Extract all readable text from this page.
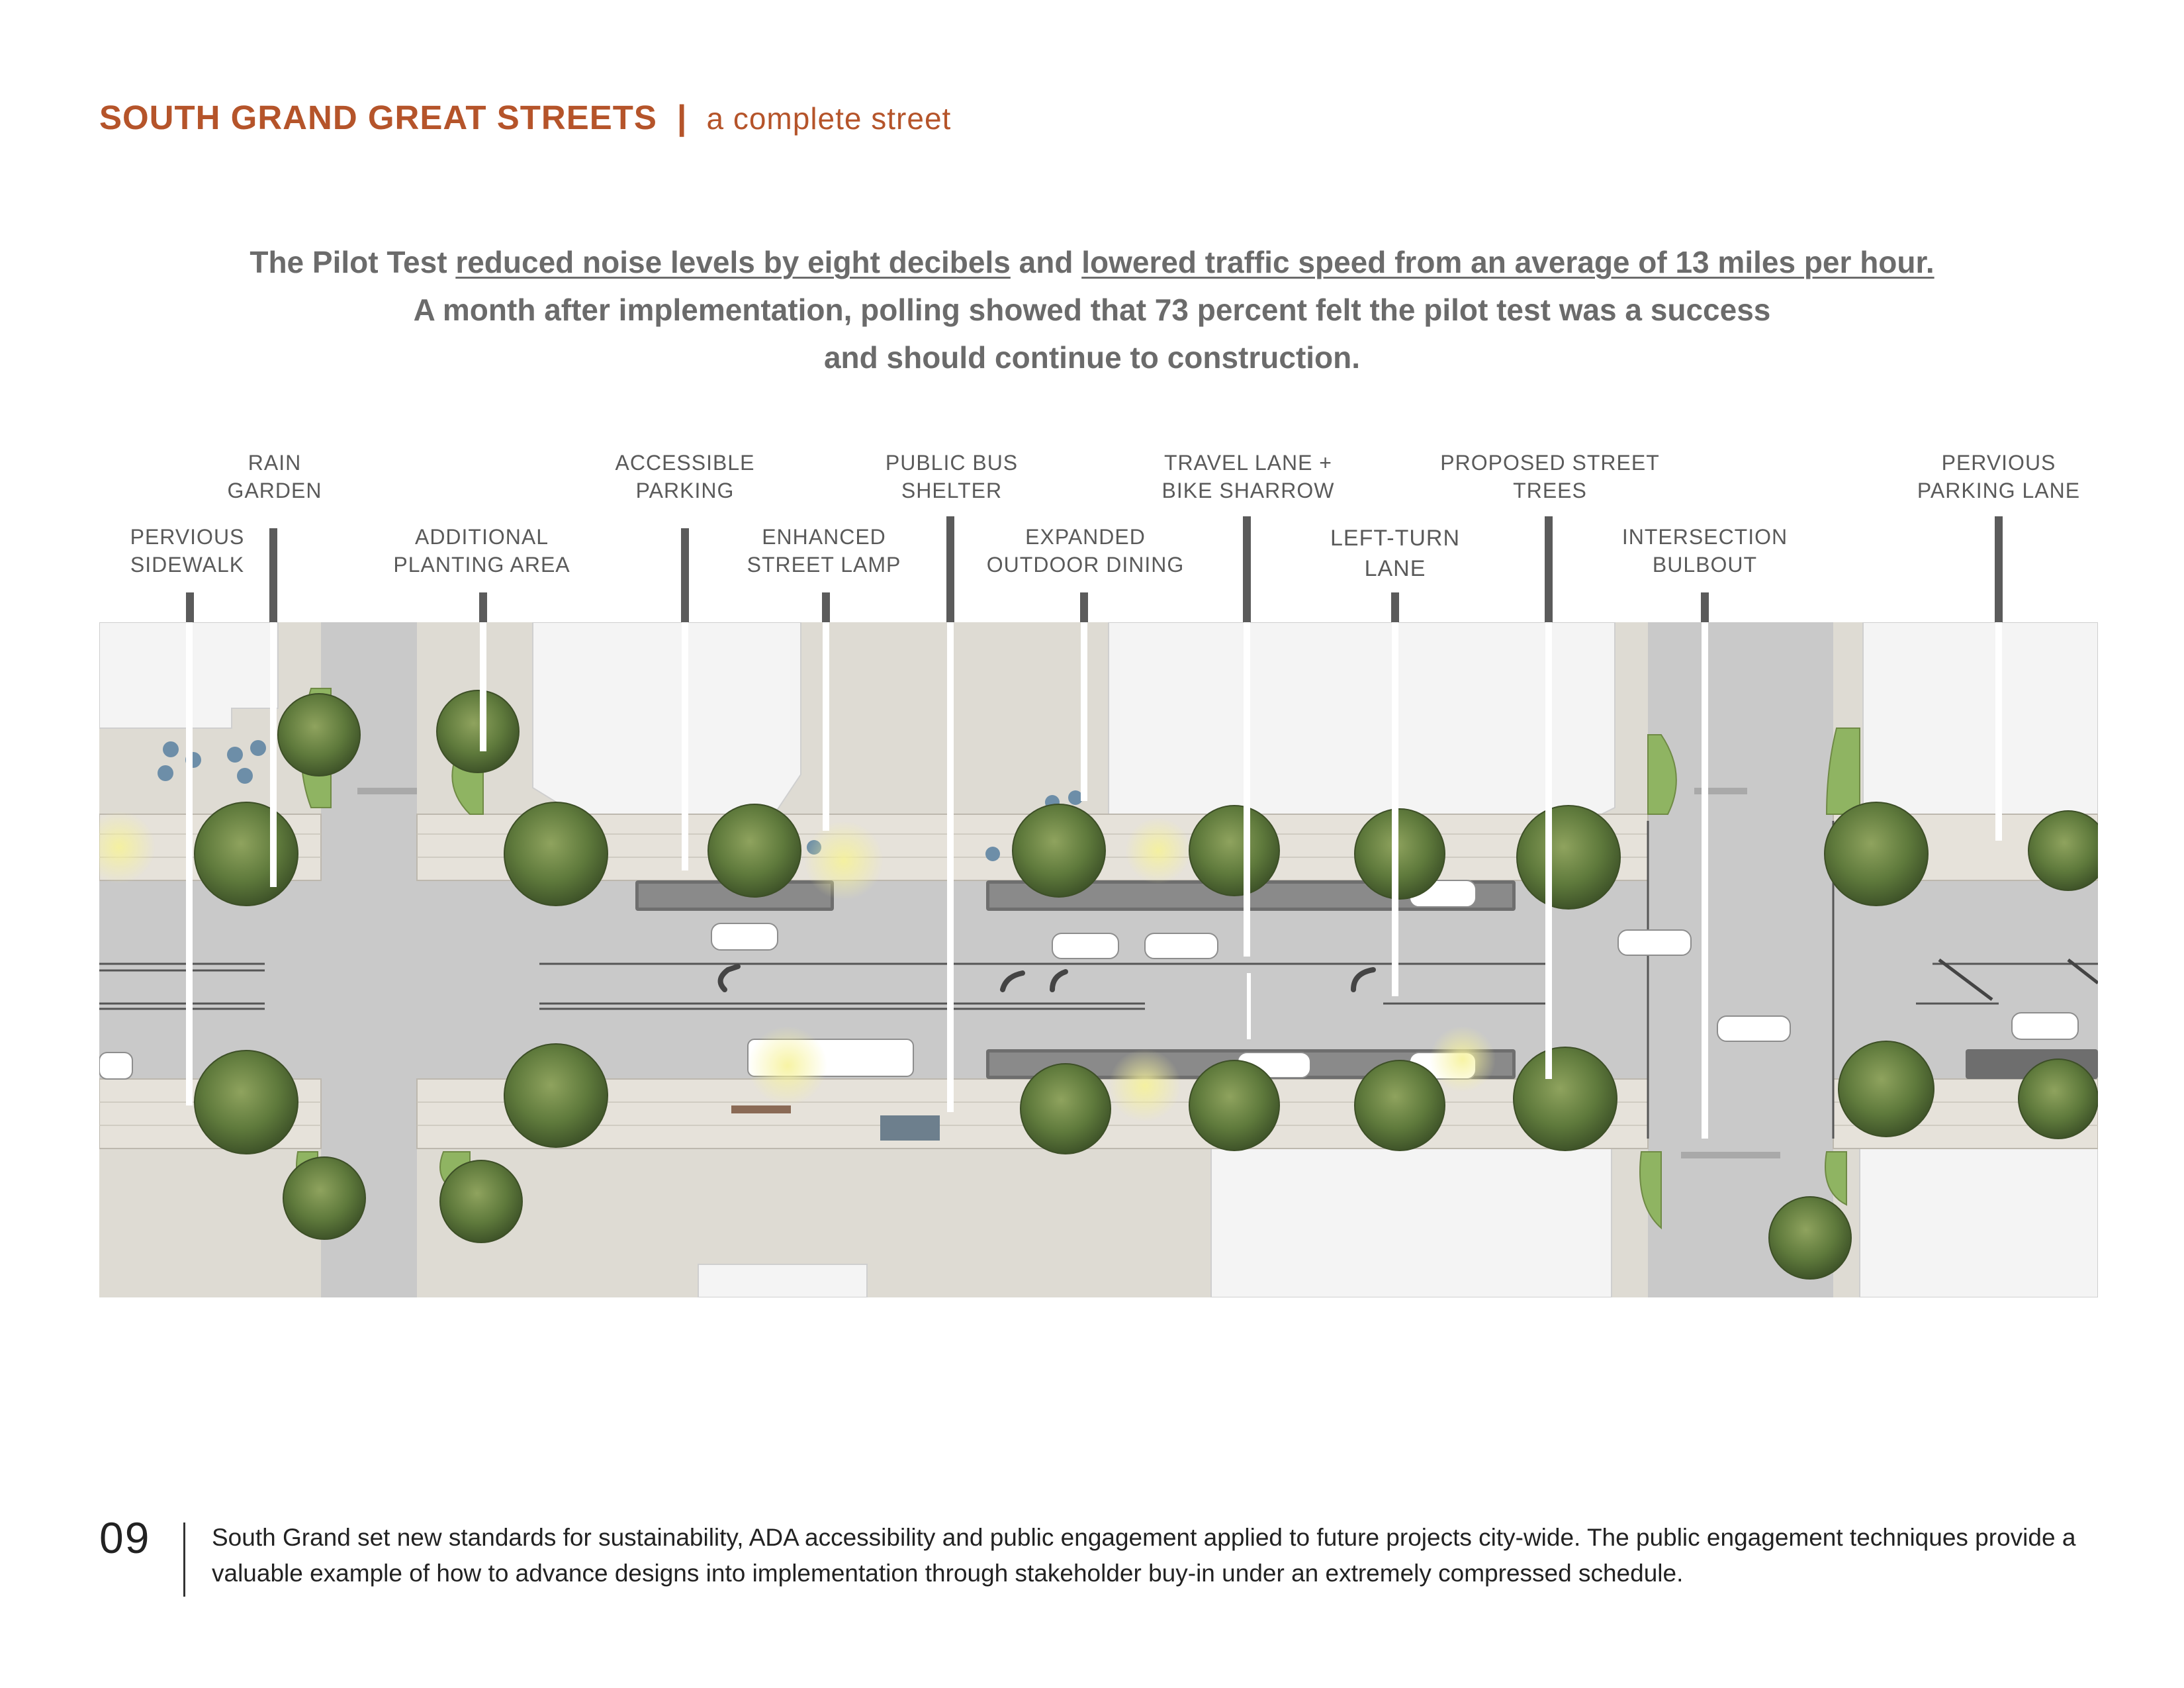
SOUTH GRAND GREAT STREETS | a complete street
The Pilot Test reduced noise levels by eight decibels and lowered traffic speed from an average of 13 miles per hour.
A month after implementation, polling showed that 73 percent felt the pilot test was a success
and should continue to construction.
PERVIOUS
SIDEWALK
RAIN
GARDEN
ADDITIONAL
PLANTING AREA
ACCESSIBLE
PARKING
ENHANCED
STREET LAMP
PUBLIC BUS
SHELTER
EXPANDED
OUTDOOR DINING
TRAVEL LANE +
BIKE SHARROW
LEFT-TURN
LANE
PROPOSED STREET
TREES
INTERSECTION
BULBOUT
PERVIOUS
PARKING LANE
09	South Grand set new standards for sustainability, ADA accessibility and public engagement applied to future projects city-wide. The public engagement techniques provide a valuable example of how to advance designs into implementation through stakeholder buy-in under an extremely compressed schedule.
